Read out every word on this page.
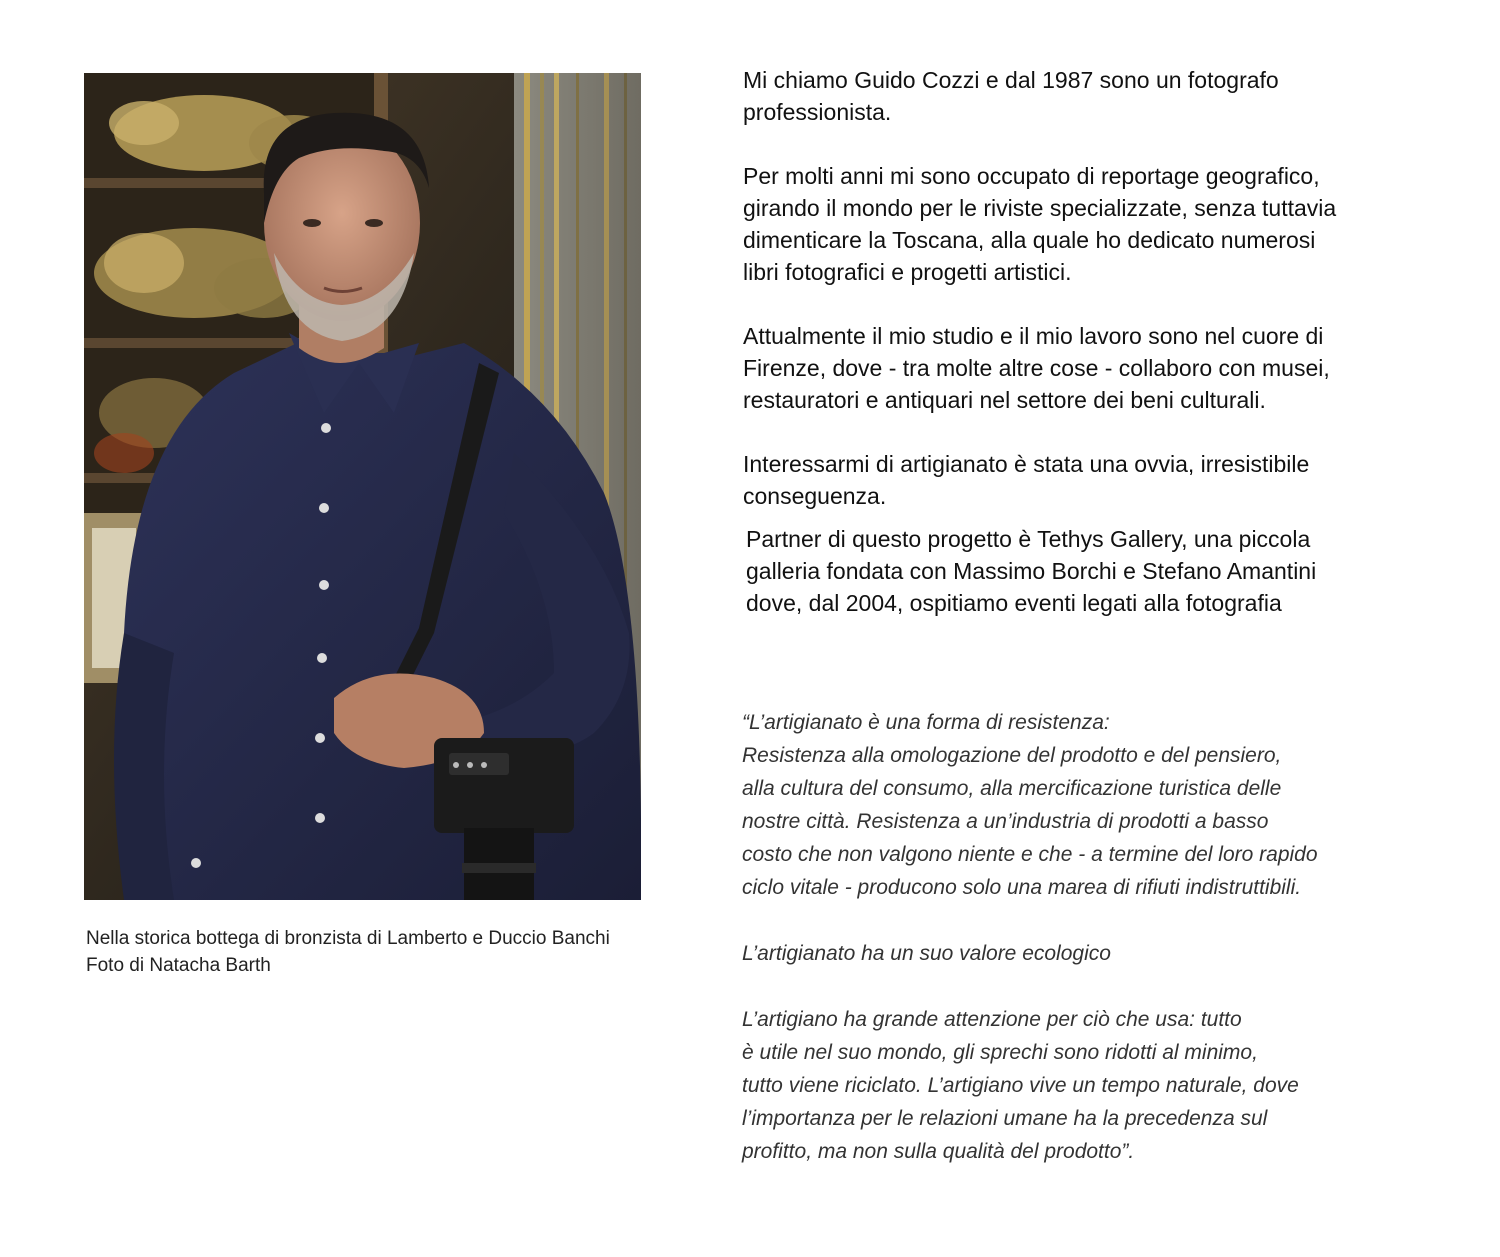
Nella storica bottega di bronzista di Lamberto e Duccio Banchi
Foto di Natacha Barth

Mi chiamo Guido Cozzi e dal 1987 sono un fotografo
professionista.

Per molti anni mi sono occupato di reportage geografico,
girando il mondo per le riviste specializzate, senza tuttavia
dimenticare la Toscana, alla quale ho dedicato numerosi
libri fotografici e progetti artistici.

Attualmente il mio studio e il mio lavoro sono nel cuore di
Firenze, dove - tra molte altre cose - collaboro con musei,
restauratori e antiquari nel settore dei beni culturali.

Interessarmi di artigianato è stata una ovvia, irresistibile
conseguenza.

Partner di questo progetto è Tethys Gallery, una piccola
galleria fondata con Massimo Borchi e Stefano Amantini
dove, dal 2004, ospitiamo eventi legati alla fotografia

“L’artigianato è una forma di resistenza:
Resistenza alla omologazione del prodotto e del pensiero,
alla cultura del consumo, alla mercificazione turistica delle
nostre città. Resistenza a un’industria di prodotti a basso
costo che non valgono niente e che - a termine del loro rapido
ciclo vitale - producono solo una marea di rifiuti indistruttibili.

L’artigianato ha un suo valore ecologico

L’artigiano ha grande attenzione per ciò che usa: tutto
è utile nel suo mondo, gli sprechi sono ridotti al minimo,
tutto viene riciclato. L’artigiano vive un tempo naturale, dove
l’importanza per le relazioni umane ha la precedenza sul
profitto, ma non sulla qualità del prodotto”.
